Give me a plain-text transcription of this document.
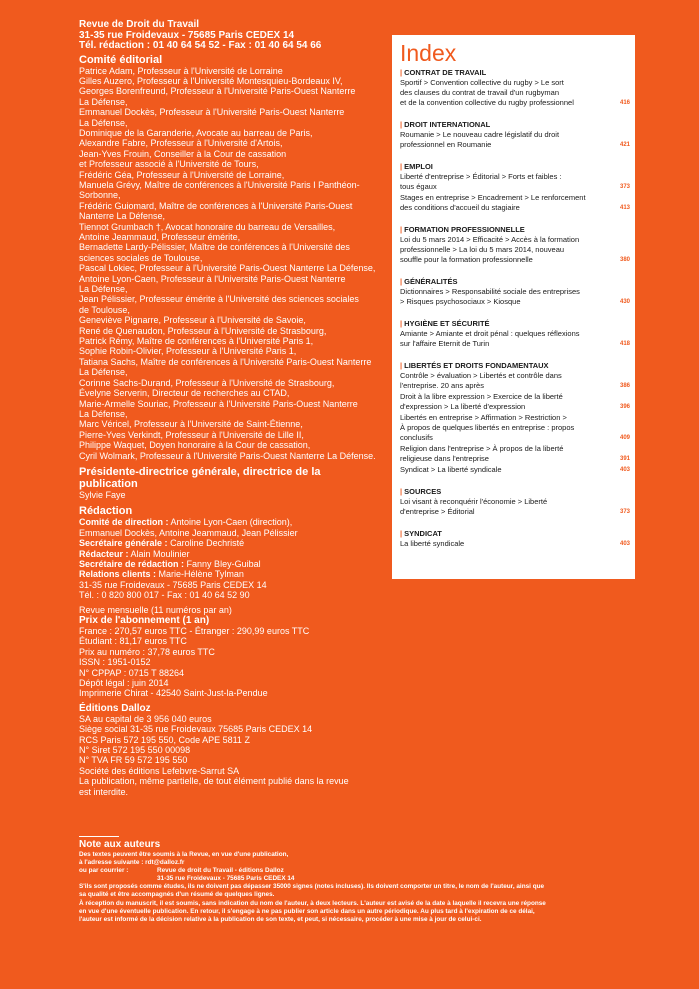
Revue de Droit du Travail

31-35 rue Froidevaux - 75685 Paris CEDEX 14

Tél. rédaction : 01 40 64 54 52 - Fax : 01 40 64 54 66

Comité éditorial

Patrice Adam, Professeur à l'Université de Lorraine

Gilles Auzero, Professeur à l'Université Montesquieu-Bordeaux IV,

Georges Borenfreund, Professeur à l'Université Paris-Ouest Nanterre

La Défense,

Emmanuel Dockès, Professeur à l'Université Paris-Ouest Nanterre

La Défense,

Dominique de la Garanderie, Avocate au barreau de Paris,

Alexandre Fabre, Professeur à l'Université d'Artois,

Jean-Yves Frouin, Conseiller à la Cour de cassation

et Professeur associé à l'Université de Tours,

Frédéric Géa, Professeur à l'Université de Lorraine,

Manuela Grévy, Maître de conférences à l'Université Paris I Panthéon-

Sorbonne,

Frédéric Guiomard, Maître de conférences à l'Université Paris-Ouest

Nanterre La Défense,

Tiennot Grumbach †, Avocat honoraire du barreau de Versailles,

Antoine Jeammaud, Professeur émérite,

Bernadette Lardy-Pélissier, Maître de conférences à l'Université des

sciences sociales de Toulouse,

Pascal Lokiec, Professeur à l'Université Paris-Ouest Nanterre La Défense,

Antoine Lyon-Caen, Professeur à l'Université Paris-Ouest Nanterre

La Défense,

Jean Pélissier, Professeur émérite à l'Université des sciences sociales

de Toulouse,

Geneviève Pignarre, Professeur à l'Université de Savoie,

René de Quenaudon, Professeur à l'Université de Strasbourg,

Patrick Rémy, Maître de conférences à l'Université Paris 1,

Sophie Robin-Olivier, Professeur à l'Université Paris 1,

Tatiana Sachs, Maître de conférences à l'Université Paris-Ouest Nanterre

La Défense,

Corinne Sachs-Durand, Professeur à l'Université de Strasbourg,

Évelyne Serverin, Directeur de recherches au CTAD,

Marie-Armelle Souriac, Professeur à l'Université Paris-Ouest Nanterre

La Défense,

Marc Véricel, Professeur à l'Université de Saint-Étienne,

Pierre-Yves Verkindt, Professeur à l'Université de Lille II,

Philippe Waquet, Doyen honoraire à la Cour de cassation,

Cyril Wolmark, Professeur à l'Université Paris-Ouest Nanterre La Défense.

Présidente-directrice générale, directrice de la publication

Sylvie Faye

Rédaction

Comité de direction : Antoine Lyon-Caen (direction),

Emmanuel Dockès, Antoine Jeammaud, Jean Pélissier

Secrétaire générale : Caroline Dechristé

Rédacteur : Alain Moulinier

Secrétaire de rédaction : Fanny Bley-Guibal

Relations clients : Marie-Hélène Tylman

31-35 rue Froidevaux - 75685 Paris CEDEX 14

Tél. : 0 820 800 017 - Fax : 01 40 64 52 90

Revue mensuelle (11 numéros par an)

Prix de l'abonnement (1 an)

France : 270,57 euros TTC - Étranger : 290,99 euros TTC

Étudiant : 81,17 euros TTC

Prix au numéro : 37,78 euros TTC

ISSN : 1951-0152

N° CPPAP : 0715 T 88264

Dépôt légal : juin 2014

Imprimerie Chirat - 42540 Saint-Just-la-Pendue

Éditions Dalloz

SA au capital de 3 956 040 euros

Siège social 31-35 rue Froidevaux 75685 Paris CEDEX 14

RCS Paris 572 195 550, Code APE 5811 Z

N° Siret 572 195 550 00098

N° TVA FR 59 572 195 550

Société des éditions Lefebvre-Sarrut SA

La publication, même partielle, de tout élément publié dans la revue

est interdite.

Index

| CONTRAT DE TRAVAIL

Sportif > Convention collective du rugby > Le sort
des clauses du contrat de travail d'un rugbyman
et de la convention collective du rugby professionnel	416

| DROIT INTERNATIONAL

Roumanie > Le nouveau cadre législatif du droit
professionnel en Roumanie	421

| EMPLOI

Liberté d'entreprise > Éditorial > Forts et faibles :
tous égaux	373
Stages en entreprise > Encadrement > Le renforcement
des conditions d'accueil du stagiaire	413

| FORMATION PROFESSIONNELLE

Loi du 5 mars 2014 > Efficacité > Accès à la formation
professionnelle > La loi du 5 mars 2014, nouveau
souffle pour la formation professionnelle	380

| GÉNÉRALITÉS

Dictionnaires > Responsabilité sociale des entreprises
> Risques psychosociaux > Kiosque	430

| HYGIÈNE ET SÉCURITÉ

Amiante > Amiante et droit pénal : quelques réflexions
sur l'affaire Eternit de Turin	418

| LIBERTÉS ET DROITS FONDAMENTAUX

Contrôle > évaluation > Libertés et contrôle dans
l'entreprise. 20 ans après	386
Droit à la libre expression > Exercice de la liberté
d'expression > La liberté d'expression	396
Libertés en entreprise > Affirmation > Restriction >
À propos de quelques libertés en entreprise : propos
conclusifs	409
Religion dans l'entreprise > À propos de la liberté
religieuse dans l'entreprise	391
Syndicat > La liberté syndicale	403

| SOURCES

Loi visant à reconquérir l'économie > Liberté
d'entreprise > Éditorial	373

| SYNDICAT

La liberté syndicale	403

Note aux auteurs

Des textes peuvent être soumis à la Revue, en vue d'une publication,

à l'adresse suivante : rdt@dalloz.fr

ou par courrier :	Revue de droit du Travail - éditions Dalloz
31-35 rue Froidevaux - 75685 Paris CEDEX 14

S'ils sont proposés comme études, ils ne doivent pas dépasser 35000 signes (notes incluses). Ils doivent comporter un titre, le nom de l'auteur, ainsi que

sa qualité et être accompagnés d'un résumé de quelques lignes.

À réception du manuscrit, il est soumis, sans indication du nom de l'auteur, à deux lecteurs. L'auteur est avisé de la date à laquelle il recevra une réponse

en vue d'une éventuelle publication. En retour, il s'engage à ne pas publier son article dans un autre périodique. Au plus tard à l'expiration de ce délai,

l'auteur est informé de la décision relative à la publication de son texte, et peut, si nécessaire, procéder à une mise à jour de celui-ci.
